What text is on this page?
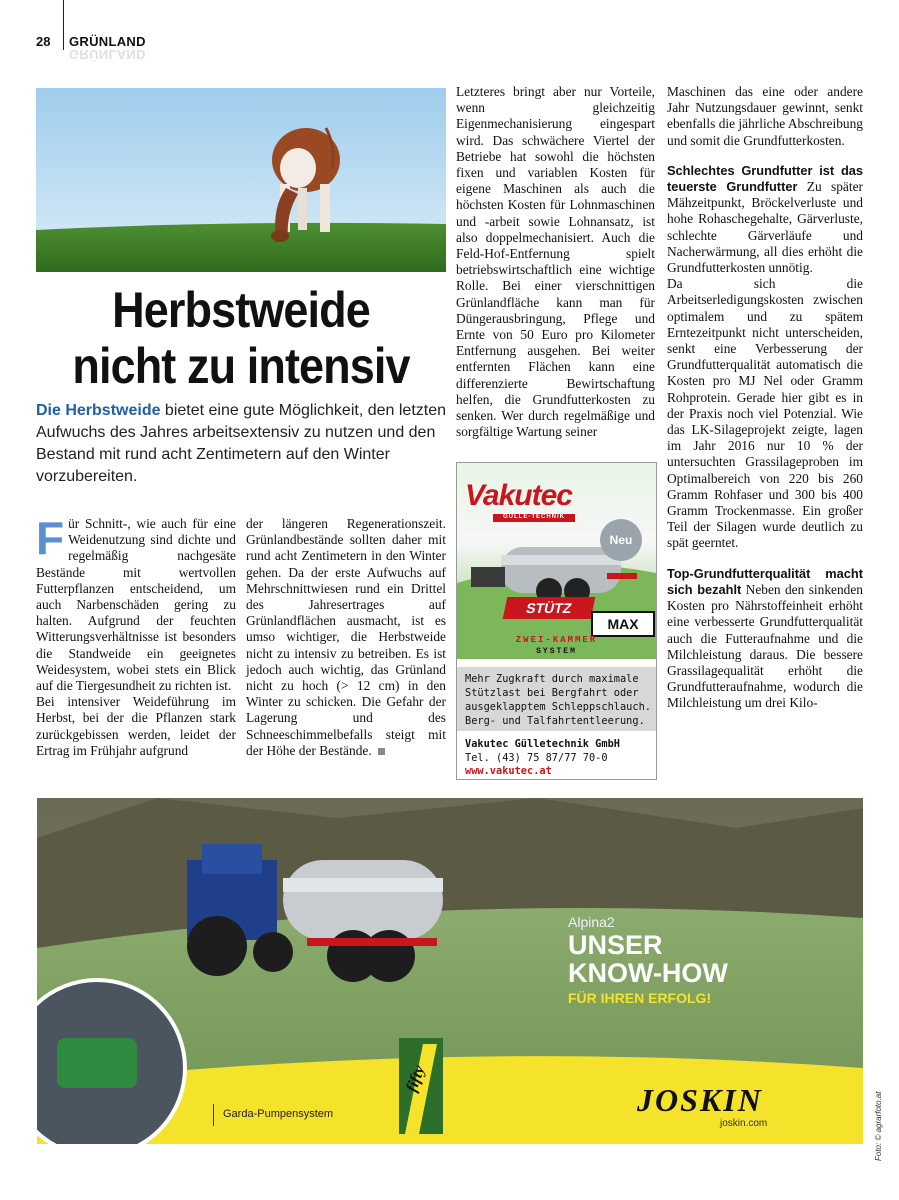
28 GRÜNLAND
GRÜNLAND
Herbstweide
nicht zu intensiv
Die Herbstweide bietet eine gute Möglichkeit, den letzten Aufwuchs des Jahres arbeitsextensiv zu nutzen und den Bestand mit rund acht Zentimetern auf den Winter vorzubereiten.

Für Schnitt-, wie auch für eine Weidenutzung sind dichte und regelmäßig nachgesäte Bestände mit wertvollen Futterpflanzen entscheidend, um auch Narbenschäden gering zu halten. Aufgrund der feuchten Witterungsverhältnisse ist besonders die Standweide ein geeignetes Weidesystem, wobei stets ein Blick auf die Tiergesundheit zu richten ist.

Bei intensiver Weideführung im Herbst, bei der die Pflanzen stark zurückgebissen werden, leidet der Ertrag im Frühjahr aufgrund

der längeren Regenerationszeit. Grünlandbestände sollten daher mit rund acht Zentimetern in den Winter gehen. Da der erste Aufwuchs auf Mehrschnittwiesen rund ein Drittel des Jahresertrages auf Grünlandflächen ausmacht, ist es umso wichtiger, die Herbstweide nicht zu intensiv zu betreiben. Es ist jedoch auch wichtig, das Grünland nicht zu hoch (> 12 cm) in den Winter zu schicken. Die Gefahr der Lagerung und des Schneeschimmelbefalls steigt mit der Höhe der Bestände.

Letzteres bringt aber nur Vorteile, wenn gleichzeitig Eigenmechanisierung eingespart wird. Das schwächere Viertel der Betriebe hat sowohl die höchsten fixen und variablen Kosten für eigene Maschinen als auch die höchsten Kosten für Lohnmaschinen und -arbeit sowie Lohnansatz, ist also doppelmechanisiert. Auch die Feld-Hof-Entfernung spielt betriebswirtschaftlich eine wichtige Rolle. Bei einer vierschnittigen Grünlandfläche kann man für Düngerausbringung, Pflege und Ernte von 50 Euro pro Kilometer Entfernung ausgehen. Bei weiter entfernten Flächen kann eine differenzierte Bewirtschaftung helfen, die Grundfutterkosten zu senken. Wer durch regelmäßige und sorgfältige Wartung seiner

Maschinen das eine oder andere Jahr Nutzungsdauer gewinnt, senkt ebenfalls die jährliche Abschreibung und somit die Grundfutterkosten.

Schlechtes Grundfutter ist das teuerste Grundfutter Zu später Mähzeitpunkt, Bröckelverluste und hohe Rohaschegehalte, Gärverluste, schlechte Gärverläufe und Nacherwärmung, all dies erhöht die Grundfutterkosten unnötig.

Da sich die Arbeitserledigungskosten zwischen optimalem und zu spätem Erntezeitpunkt nicht unterscheiden, senkt eine Verbesserung der Grundfutterqualität automatisch die Kosten pro MJ Nel oder Gramm Rohprotein. Gerade hier gibt es in der Praxis noch viel Potenzial. Wie das LK-Silageprojekt zeigte, lagen im Jahr 2016 nur 10 % der untersuchten Grassilageproben im Optimalbereich von 220 bis 260 Gramm Rohfaser und 300 bis 400 Gramm Trockenmasse. Ein großer Teil der Silagen wurde deutlich zu spät geerntet.

Top-Grundfutterqualität macht sich bezahlt Neben den sinkenden Kosten pro Nährstoffeinheit erhöht eine verbesserte Grundfutterqualität auch die Futteraufnahme und die Milchleistung daraus. Die bessere Grassilagequalität erhöht die Grundfutteraufnahme, wodurch die Milchleistung um drei Kilo-

Vakutec
GÜLLE-TECHNIK
Neu
STÜTZ
MAX
ZWEI-KAMMER
SYSTEM
Mehr Zugkraft durch maximale Stützlast bei Bergfahrt oder ausgeklapptem Schleppschlauch. Berg- und Talfahrtentleerung.
Vakutec Gülletechnik GmbH
Tel. (43) 75 87/77 70-0
www.vakutec.at
Alpina2
UNSER
KNOW-HOW
FÜR IHREN ERFOLG!
Garda-Pumpensystem
fifty
JOSKIN
joskin.com	Foto: © agrarfoto.at
